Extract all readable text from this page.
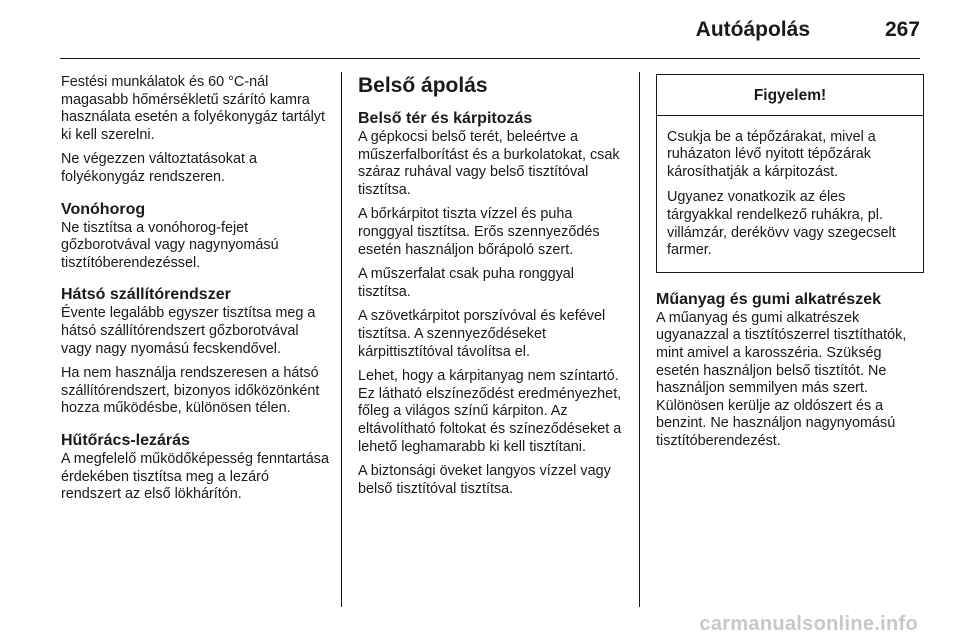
Autóápolás	267

Festési munkálatok és 60 °C-nál magasabb hőmérsékletű szárító kamra használata esetén a folyékonygáz tartályt ki kell szerelni.

Ne végezzen változtatásokat a folyékonygáz rendszeren.

Vonóhorog

Ne tisztítsa a vonóhorog-fejet gőzborotvával vagy nagynyomású tisztítóberendezéssel.

Hátsó szállítórendszer

Évente legalább egyszer tisztítsa meg a hátsó szállítórendszert gőzborotvával vagy nagy nyomású fecskendővel.

Ha nem használja rendszeresen a hátsó szállítórendszert, bizonyos időközönként hozza működésbe, különösen télen.

Hűtőrács-lezárás

A megfelelő működőképesség fenntartása érdekében tisztítsa meg a lezáró rendszert az első lökhárítón.

Belső ápolás
Belső tér és kárpitozás

A gépkocsi belső terét, beleértve a műszerfalborítást és a burkolatokat, csak száraz ruhával vagy belső tisztítóval tisztítsa.

A bőrkárpitot tiszta vízzel és puha ronggyal tisztítsa. Erős szennyeződés esetén használjon bőrápoló szert.

A műszerfalat csak puha ronggyal tisztítsa.

A szövetkárpitot porszívóval és kefével tisztítsa. A szennyeződéseket kárpittisztítóval távolítsa el.

Lehet, hogy a kárpitanyag nem színtartó. Ez látható elszíneződést eredményezhet, főleg a világos színű kárpiton. Az eltávolítható foltokat és színeződéseket a lehető leghamarabb ki kell tisztítani.

A biztonsági öveket langyos vízzel vagy belső tisztítóval tisztítsa.

Figyelem!

Csukja be a tépőzárakat, mivel a ruházaton lévő nyitott tépőzárak károsíthatják a kárpitozást.

Ugyanez vonatkozik az éles tárgyakkal rendelkező ruhákra, pl. villámzár, derékövv vagy szegecselt farmer.

Műanyag és gumi alkatrészek

A műanyag és gumi alkatrészek ugyanazzal a tisztítószerrel tisztíthatók, mint amivel a karosszéria. Szükség esetén használjon belső tisztítót. Ne használjon semmilyen más szert. Különösen kerülje az oldószert és a benzint. Ne használjon nagynyomású tisztítóberendezést.

carmanualsonline.info
